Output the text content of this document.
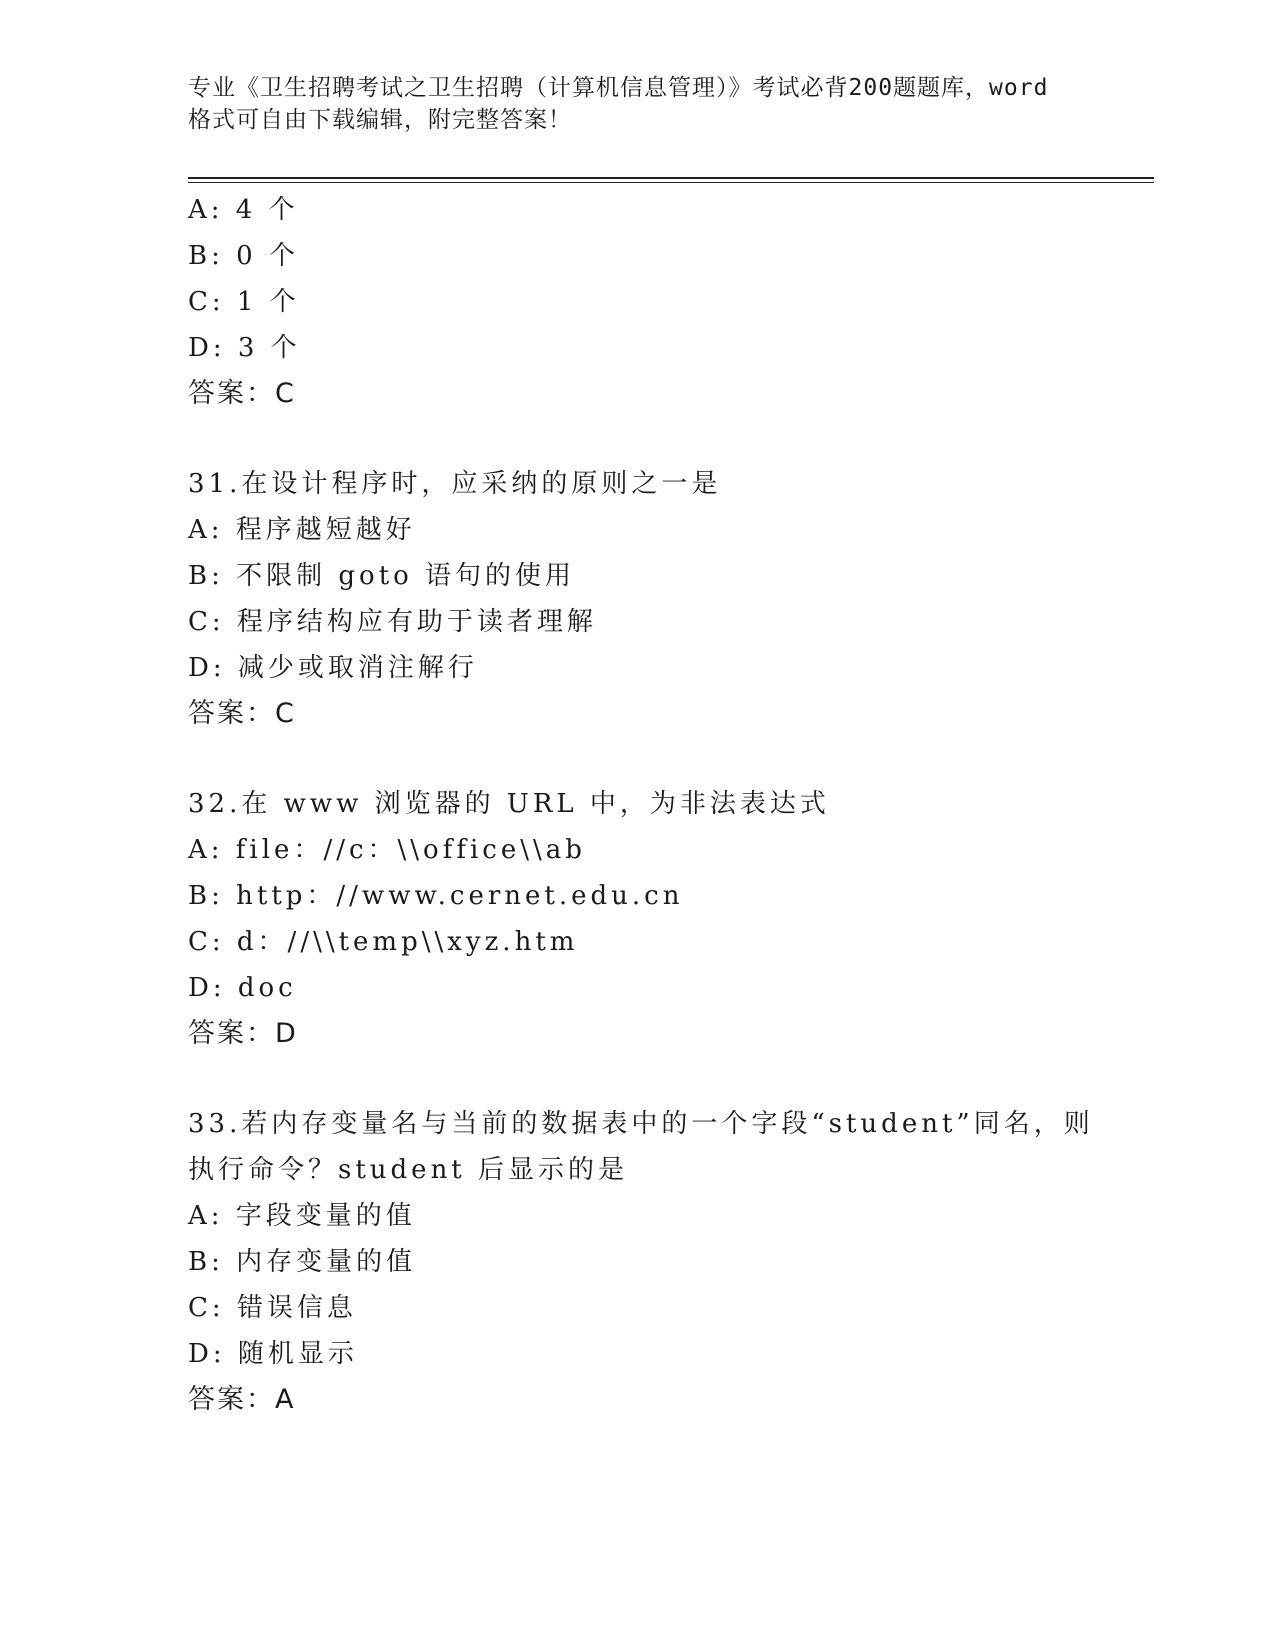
专业《卫生招聘考试之卫生招聘（计算机信息管理）》考试必背200题题库，word
格式可自由下载编辑，附完整答案！
A: 4 个
B: 0 个
C: 1 个
D: 3 个
答案：C
31.在设计程序时，应采纳的原则之一是
A: 程序越短越好
B: 不限制 goto 语句的使用
C: 程序结构应有助于读者理解
D: 减少或取消注解行
答案：C
32.在 www 浏览器的 URL 中，为非法表达式
A: file：//c：\\office\\ab
B: http：//www.cernet.edu.cn
C: d：//\\temp\\xyz.htm
D: doc
答案：D
33.若内存变量名与当前的数据表中的一个字段“student”同名，则
执行命令？student 后显示的是
A: 字段变量的值
B: 内存变量的值
C: 错误信息
D: 随机显示
答案：A
